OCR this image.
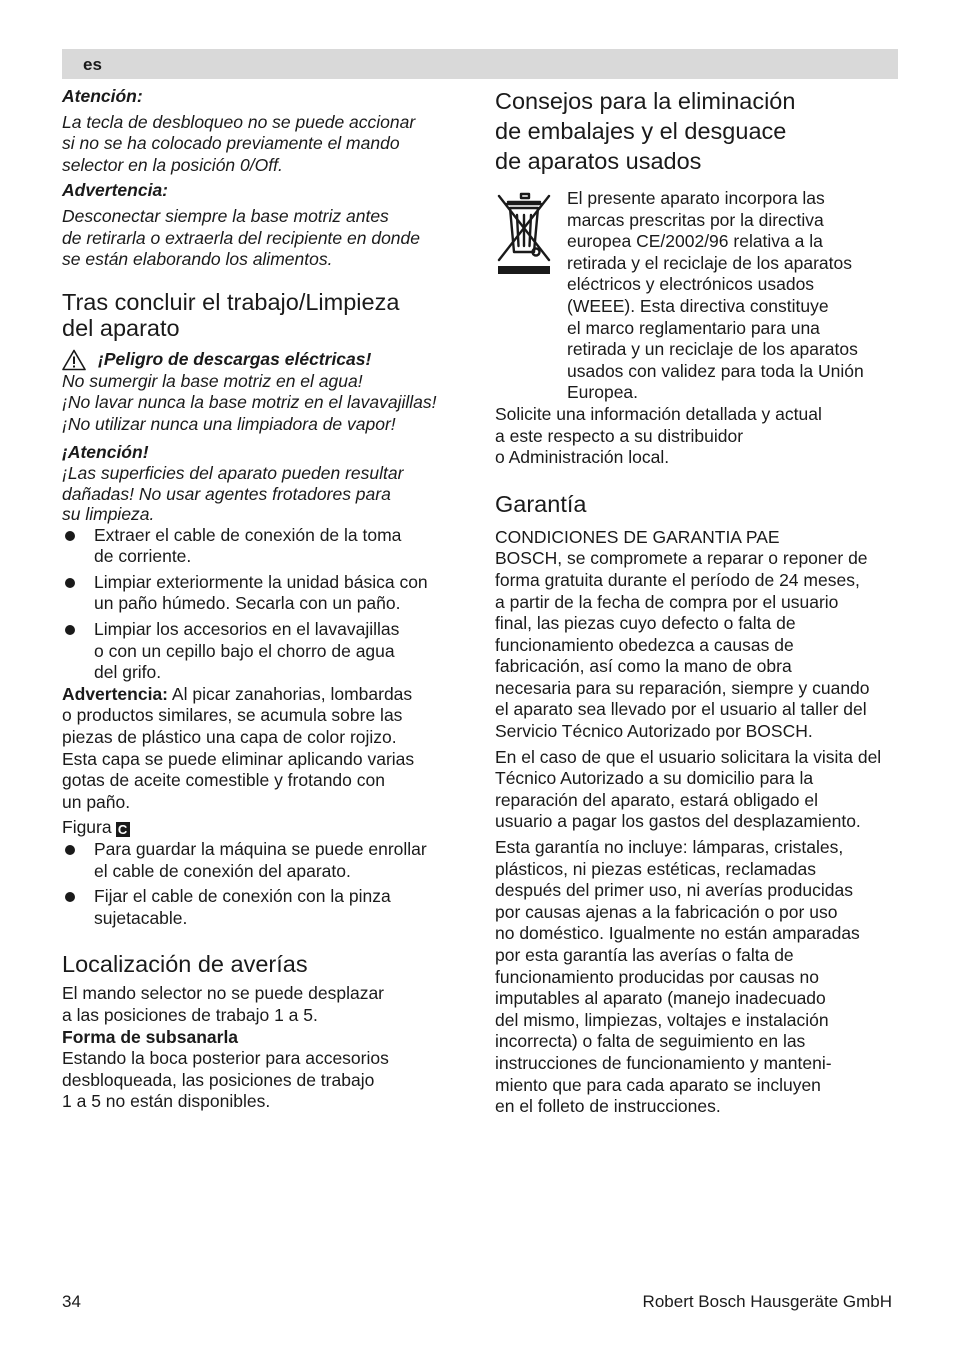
es

Atención:

La tecla de desbloqueo no se puede accionar
si no se ha colocado previamente el mando
selector en la posición 0/Off.

Advertencia:

Desconectar siempre la base motriz antes
de retirarla o extraerla del recipiente en donde
se están elaborando los alimentos.

Tras concluir el trabajo/Limpieza
del aparato
¡Peligro de descargas eléctricas!

No sumergir la base motriz en el agua!
¡No lavar nunca la base motriz en el lavavajillas!
¡No utilizar nunca una limpiadora de vapor!

¡Atención!

¡Las superficies del aparato pueden resultar
dañadas! No usar agentes frotadores para
su limpieza.

Extraer el cable de conexión de la toma
de corriente.
Limpiar exteriormente la unidad básica con
un paño húmedo. Secarla con un paño.
Limpiar los accesorios en el lavavajillas
o con un cepillo bajo el chorro de agua
del grifo.

Advertencia: Al picar zanahorias, lombardas
o productos similares, se acumula sobre las
piezas de plástico una capa de color rojizo.
Esta capa se puede eliminar aplicando varias
gotas de aceite comestible y frotando con
un paño.

Figura C

Para guardar la máquina se puede enrollar
el cable de conexión del aparato.
Fijar el cable de conexión con la pinza
sujetacable.
Localización de averías

El mando selector no se puede desplazar
a las posiciones de trabajo 1 a 5.

Forma de subsanarla

Estando la boca posterior para accesorios
desbloqueada, las posiciones de trabajo
1 a 5 no están disponibles.

Consejos para la eliminación
de embalajes y el desguace
de aparatos usados

El presente aparato incorpora las
marcas prescritas por la directiva
europea CE/2002/96 relativa a la
retirada y el reciclaje de los aparatos
eléctricos y electrónicos usados
(WEEE). Esta directiva constituye
el marco reglamentario para una
retirada y un reciclaje de los aparatos
usados con validez para toda la Unión
Europea.

Solicite una información detallada y actual
a este respecto a su distribuidor
o Administración local.

Garantía

CONDICIONES DE GARANTIA PAE
BOSCH, se compromete a reparar o reponer de
forma gratuita durante el período de 24 meses,
a partir de la fecha de compra por el usuario
final, las piezas cuyo defecto o falta de
funcionamiento obedezca a causas de
fabricación, así como la mano de obra
necesaria para su reparación, siempre y cuando
el aparato sea llevado por el usuario al taller del
Servicio Técnico Autorizado por BOSCH.

En el caso de que el usuario solicitara la visita del
Técnico Autorizado a su domicilio para la
reparación del aparato, estará obligado el
usuario a pagar los gastos del desplazamiento.

Esta garantía no incluye: lámparas, cristales,
plásticos, ni piezas estéticas, reclamadas
después del primer uso, ni averías producidas
por causas ajenas a la fabricación o por uso
no doméstico. Igualmente no están amparadas
por esta garantía las averías o falta de
funcionamiento producidas por causas no
imputables al aparato (manejo inadecuado
del mismo, limpiezas, voltajes e instalación
incorrecta) o falta de seguimiento en las
instrucciones de funcionamiento y manteni-
miento que para cada aparato se incluyen
en el folleto de instrucciones.

34	Robert Bosch Hausgeräte GmbH
